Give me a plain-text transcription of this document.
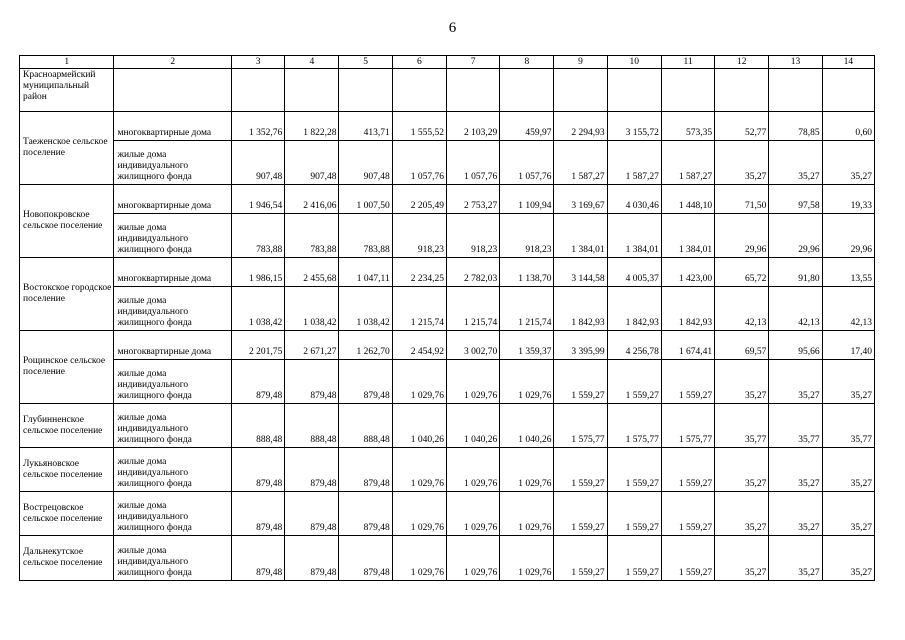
6
1	2	3	4	5	6	7	8	9	10	11	12	13	14
Красноармейский муниципальный район													
Таеженское сельское поселение	многоквартирные дома	1 352,76	1 822,28	413,71	1 555,52	2 103,29	459,97	2 294,93	3 155,72	573,35	52,77	78,85	0,60
	жилые дома индивидуального жилищного фонда	907,48	907,48	907,48	1 057,76	1 057,76	1 057,76	1 587,27	1 587,27	1 587,27	35,27	35,27	35,27
Новопокровское сельское поселение	многоквартирные дома	1 946,54	2 416,06	1 007,50	2 205,49	2 753,27	1 109,94	3 169,67	4 030,46	1 448,10	71,50	97,58	19,33
	жилые дома индивидуального жилищного фонда	783,88	783,88	783,88	918,23	918,23	918,23	1 384,01	1 384,01	1 384,01	29,96	29,96	29,96
Востокское городское поселение	многоквартирные дома	1 986,15	2 455,68	1 047,11	2 234,25	2 782,03	1 138,70	3 144,58	4 005,37	1 423,00	65,72	91,80	13,55
	жилые дома индивидуального жилищного фонда	1 038,42	1 038,42	1 038,42	1 215,74	1 215,74	1 215,74	1 842,93	1 842,93	1 842,93	42,13	42,13	42,13
Рощинское сельское поселение	многоквартирные дома	2 201,75	2 671,27	1 262,70	2 454,92	3 002,70	1 359,37	3 395,99	4 256,78	1 674,41	69,57	95,66	17,40
	жилые дома индивидуального жилищного фонда	879,48	879,48	879,48	1 029,76	1 029,76	1 029,76	1 559,27	1 559,27	1 559,27	35,27	35,27	35,27
Глубинненское сельское поселение	жилые дома индивидуального жилищного фонда	888,48	888,48	888,48	1 040,26	1 040,26	1 040,26	1 575,77	1 575,77	1 575,77	35,77	35,77	35,77
Лукьяновское сельское поселение	жилые дома индивидуального жилищного фонда	879,48	879,48	879,48	1 029,76	1 029,76	1 029,76	1 559,27	1 559,27	1 559,27	35,27	35,27	35,27
Вострецовское сельское поселение	жилые дома индивидуального жилищного фонда	879,48	879,48	879,48	1 029,76	1 029,76	1 029,76	1 559,27	1 559,27	1 559,27	35,27	35,27	35,27
Дальнекутское сельское поселение	жилые дома индивидуального жилищного фонда	879,48	879,48	879,48	1 029,76	1 029,76	1 029,76	1 559,27	1 559,27	1 559,27	35,27	35,27	35,27
